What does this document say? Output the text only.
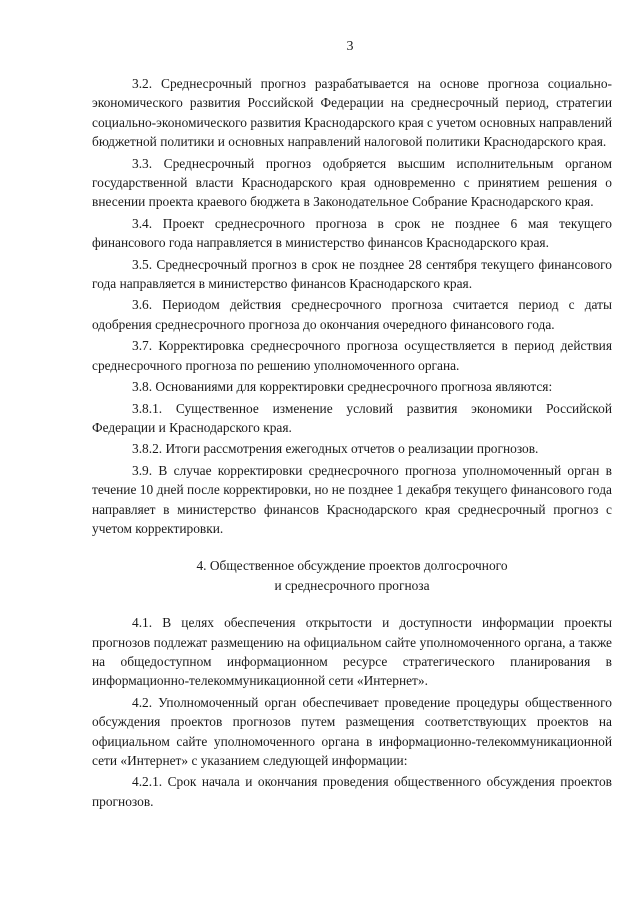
3

3.2. Среднесрочный прогноз разрабатывается на основе прогноза социально-экономического развития Российской Федерации на среднесрочный период, стратегии социально-экономического развития Краснодарского края с учетом основных направлений бюджетной политики и основных направлений налоговой политики Краснодарского края.

3.3. Среднесрочный прогноз одобряется высшим исполнительным органом государственной власти Краснодарского края одновременно с принятием решения о внесении проекта краевого бюджета в Законодательное Собрание Краснодарского края.

3.4. Проект среднесрочного прогноза в срок не позднее 6 мая текущего финансового года направляется в министерство финансов Краснодарского края.

3.5. Среднесрочный прогноз в срок не позднее 28 сентября текущего финансового года направляется в министерство финансов Краснодарского края.

3.6. Периодом действия среднесрочного прогноза считается период с даты одобрения среднесрочного прогноза до окончания очередного финансового года.

3.7. Корректировка среднесрочного прогноза осуществляется в период действия среднесрочного прогноза по решению уполномоченного органа.

3.8. Основаниями для корректировки среднесрочного прогноза являются:

3.8.1. Существенное изменение условий развития экономики Российской Федерации и Краснодарского края.

3.8.2. Итоги рассмотрения ежегодных отчетов о реализации прогнозов.

3.9. В случае корректировки среднесрочного прогноза уполномоченный орган в течение 10 дней после корректировки, но не позднее 1 декабря текущего финансового года направляет в министерство финансов Краснодарского края среднесрочный прогноз с учетом корректировки.

4. Общественное обсуждение проектов долгосрочного
и среднесрочного прогноза

4.1. В целях обеспечения открытости и доступности информации проекты прогнозов подлежат размещению на официальном сайте уполномоченного органа, а также на общедоступном информационном ресурсе стратегического планирования в информационно-телекоммуникационной сети «Интернет».

4.2. Уполномоченный орган обеспечивает проведение процедуры общественного обсуждения проектов прогнозов путем размещения соответствующих проектов на официальном сайте уполномоченного органа в информационно-телекоммуникационной сети «Интернет» с указанием следующей информации:

4.2.1. Срок начала и окончания проведения общественного обсуждения проектов прогнозов.
